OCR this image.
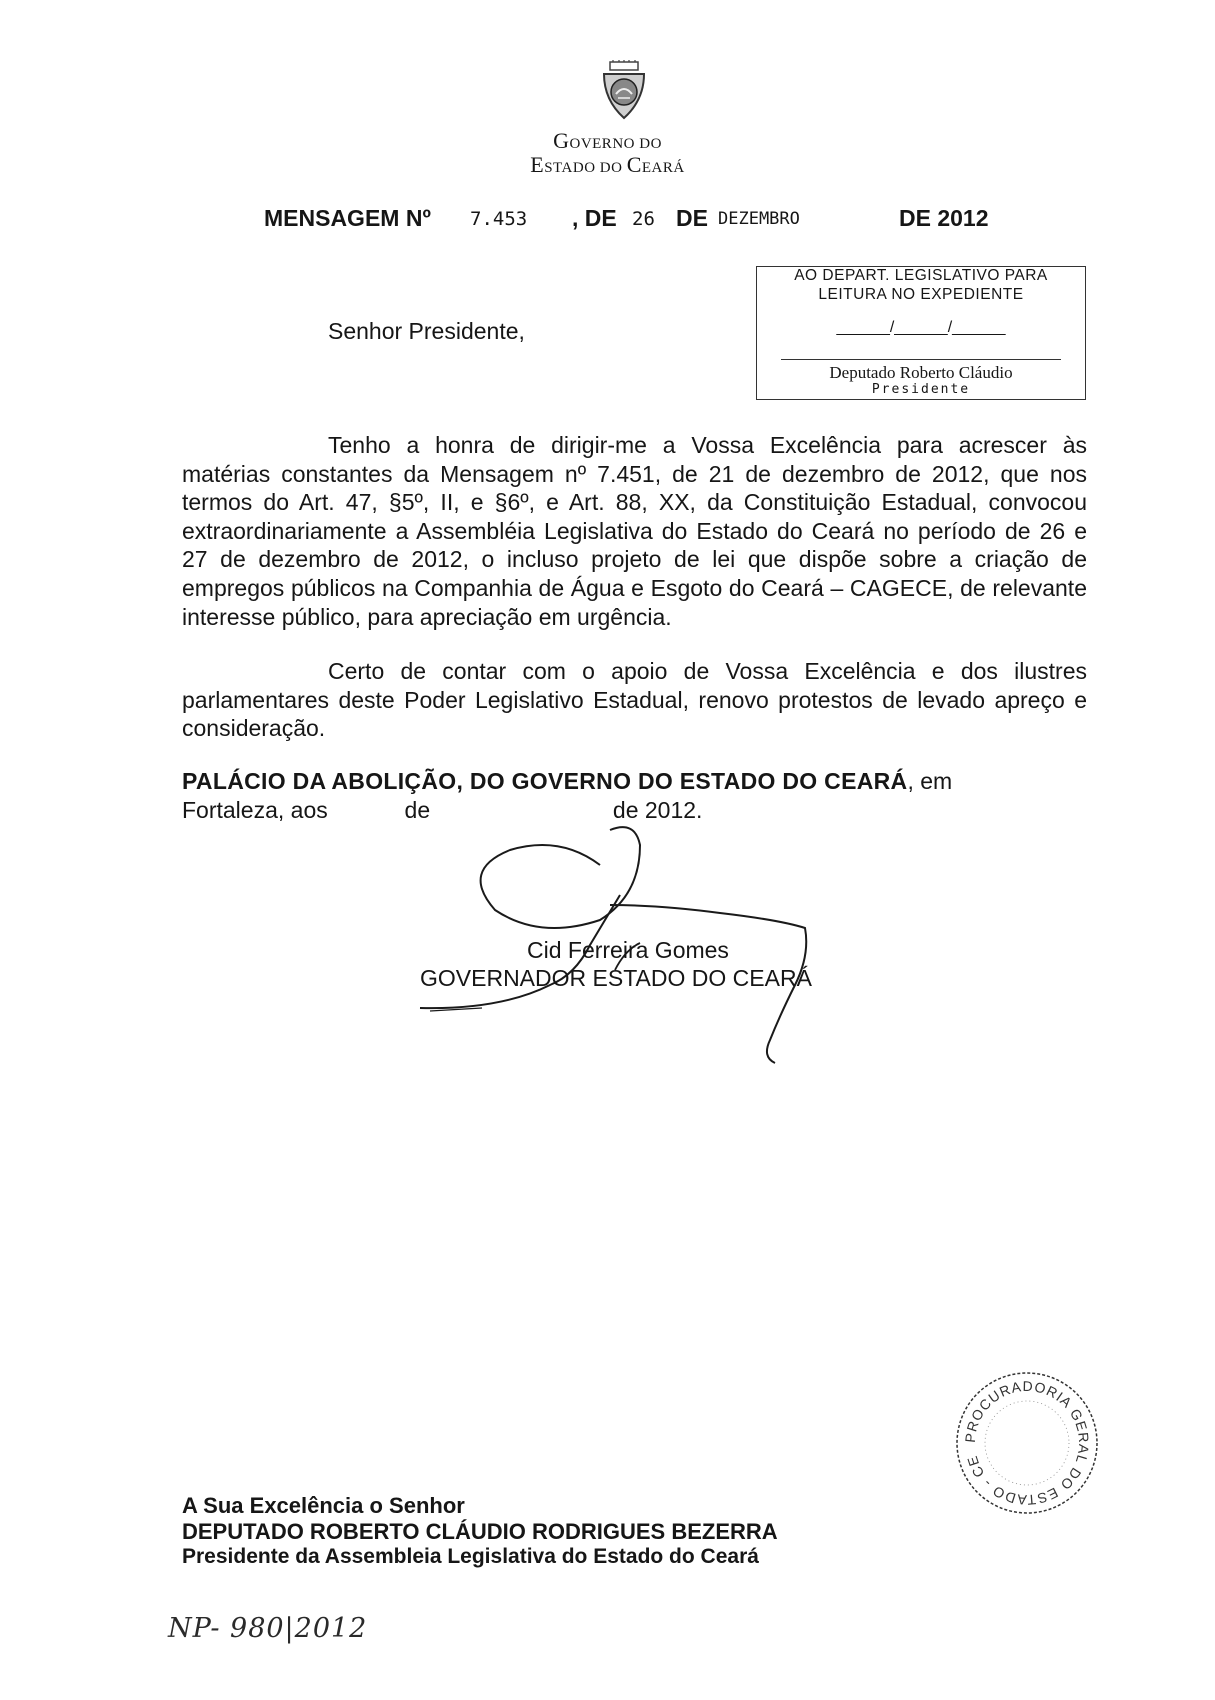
GOVERNO DO
ESTADO DO CEARÁ
MENSAGEM Nº 7.453 , DE 26 DE DEZEMBRO	DE 2012
AO DEPART. LEGISLATIVO PARA
LEITURA NO EXPEDIENTE
______/______/______
Deputado Roberto Cláudio
Presidente
Senhor Presidente,
Tenho a honra de dirigir-me a Vossa Excelência para acrescer às matérias constantes da Mensagem nº 7.451, de 21 de dezembro de 2012, que nos termos do Art. 47, §5º, II, e §6º, e Art. 88, XX, da Constituição Estadual, convocou extraordinariamente a Assembléia Legislativa do Estado do Ceará no período de 26 e 27 de dezembro de 2012, o incluso projeto de lei que dispõe sobre a criação de empregos públicos na Companhia de Água e Esgoto do Ceará – CAGECE, de relevante interesse público, para apreciação em urgência.
Certo de contar com o apoio de Vossa Excelência e dos ilustres parlamentares deste Poder Legislativo Estadual, renovo protestos de levado apreço e consideração.
PALÁCIO DA ABOLIÇÃO, DO GOVERNO DO ESTADO DO CEARÁ, em
Fortaleza, aos	de	de 2012.
Cid Ferreira Gomes
GOVERNADOR ESTADO DO CEARÁ
PROCURADORIA GERAL DO ESTADO - CE
A Sua Excelência o Senhor
DEPUTADO ROBERTO CLÁUDIO RODRIGUES BEZERRA
Presidente da Assembleia Legislativa do Estado do Ceará
NP- 980|2012
